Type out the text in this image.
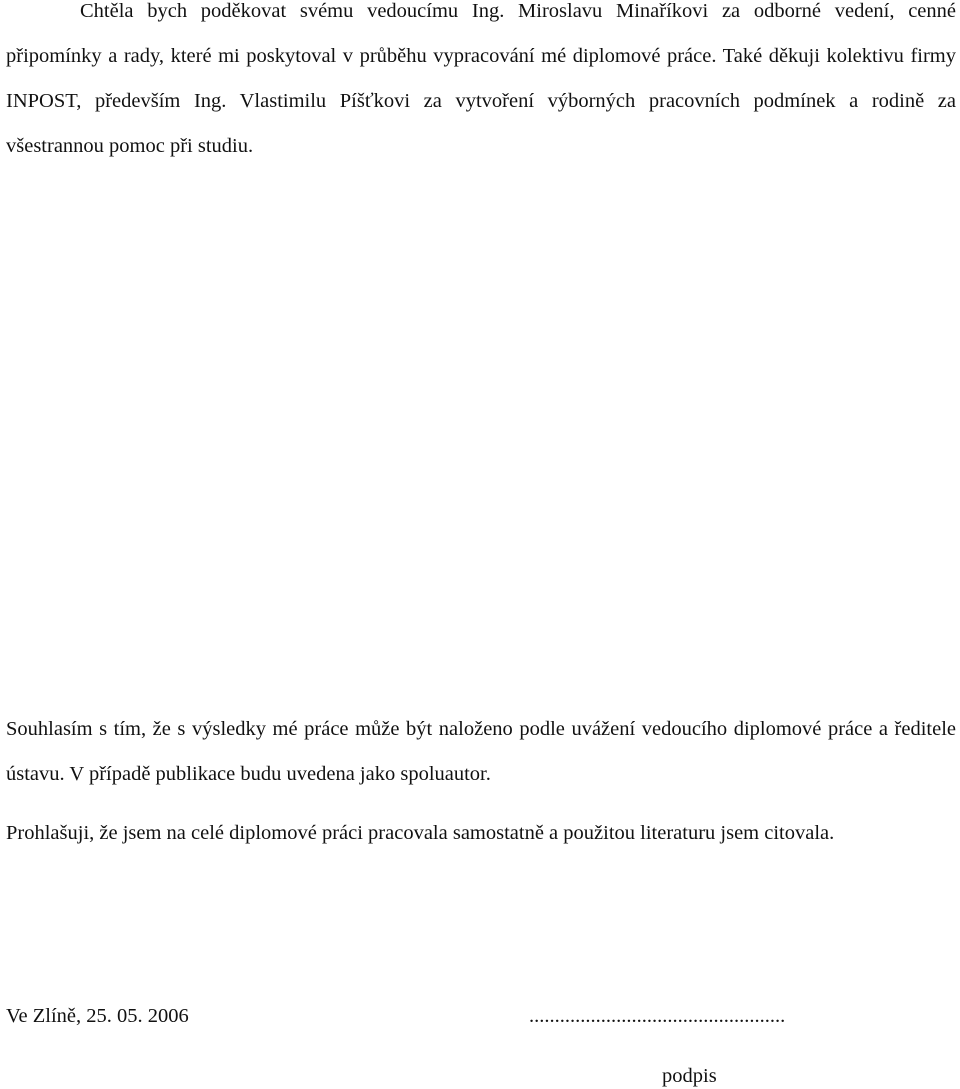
Chtěla bych poděkovat svému vedoucímu Ing. Miroslavu Minaříkovi za odborné vedení, cenné připomínky a rady, které mi poskytoval v průběhu vypracování mé diplomové práce. Také děkuji kolektivu firmy INPOST, především Ing. Vlastimilu Píšťkovi za vytvoření výborných pracovních podmínek a rodině za všestrannou pomoc při studiu.

Souhlasím s tím, že s výsledky mé práce může být naloženo podle uvážení vedoucího diplomové práce a ředitele ústavu. V případě publikace budu uvedena jako spoluautor.

Prohlašuji, že jsem na celé diplomové práci pracovala samostatně a použitou literaturu jsem citovala.

Ve Zlíně, 25. 05. 2006	..................................................
podpis
